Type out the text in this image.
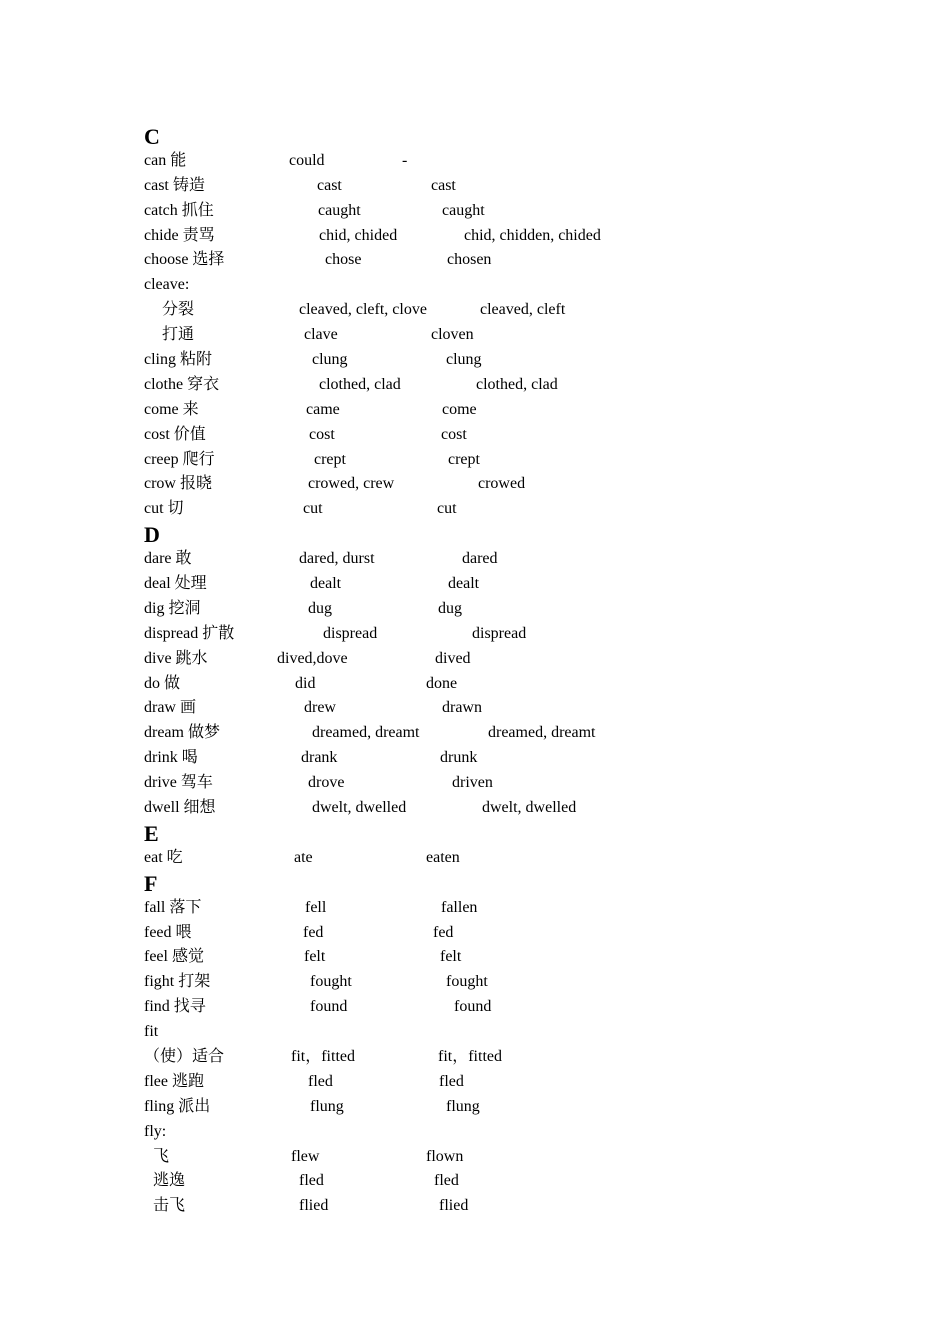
C
can 能	could	-
cast 铸造	cast	cast
catch 抓住	caught	caught
chide 责骂	chid, chided	chid, chidden, chided
choose 选择	chose	chosen
cleave:
分裂	cleaved, cleft, clove	cleaved, cleft
打通	clave	cloven
cling 粘附	clung	clung
clothe 穿衣	clothed, clad	clothed, clad
come 来	came	come
cost 价值	cost	cost
creep 爬行	crept	crept
crow 报晓	crowed, crew	crowed
cut 切	cut	cut
D
dare 敢	dared, durst	dared
deal 处理	dealt	dealt
dig 挖洞	dug	dug
dispread 扩散	dispread	dispread
dive 跳水	dived,dove	dived
do 做	did	done
draw 画	drew	drawn
dream 做梦	dreamed, dreamt	dreamed, dreamt
drink 喝	drank	drunk
drive 驾车	drove	driven
dwell 细想	dwelt, dwelled	dwelt, dwelled
E
eat 吃	ate	eaten
F
fall 落下	fell	fallen
feed 喂	fed	fed
feel 感觉	felt	felt
fight 打架	fought	fought
find 找寻	found	found
fit
（使）适合	fit，fitted	fit，fitted
flee 逃跑	fled	fled
fling 派出	flung	flung
fly:
飞	flew	flown
逃逸	fled	fled
击飞	flied	flied
